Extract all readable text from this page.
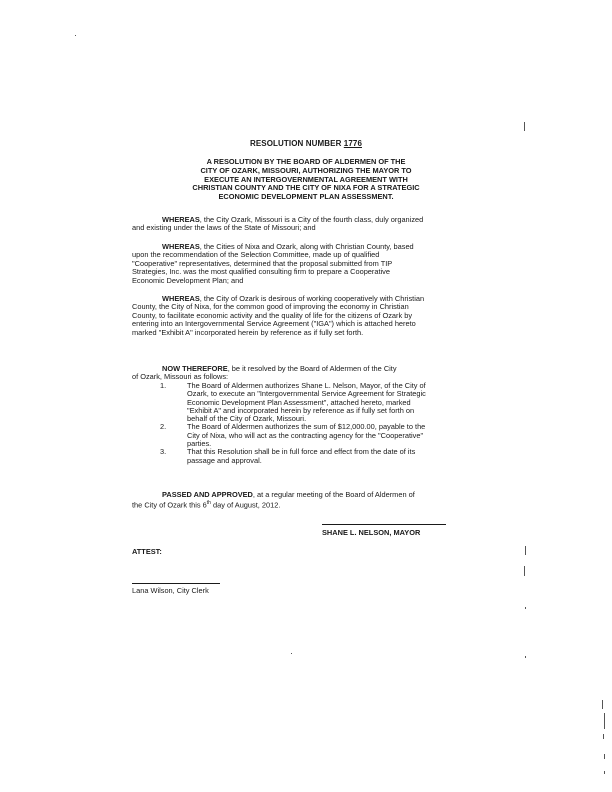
RESOLUTION NUMBER 1776

A RESOLUTION BY THE BOARD OF ALDERMEN OF THE
CITY OF OZARK, MISSOURI, AUTHORIZING THE MAYOR TO
EXECUTE AN INTERGOVERNMENTAL AGREEMENT WITH
CHRISTIAN COUNTY AND THE CITY OF NIXA FOR A STRATEGIC
ECONOMIC DEVELOPMENT PLAN ASSESSMENT.

WHEREAS, the City Ozark, Missouri is a City of the fourth class, duly organized
and existing under the laws of the State of Missouri; and

WHEREAS, the Cities of Nixa and Ozark, along with Christian County, based
upon the recommendation of the Selection Committee, made up of qualified
"Cooperative" representatives, determined that the proposal submitted from TIP
Strategies, Inc. was the most qualified consulting firm to prepare a Cooperative
Economic Development Plan; and

WHEREAS, the City of Ozark is desirous of working cooperatively with Christian
County, the City of Nixa, for the common good of improving the economy in Christian
County, to facilitate economic activity and the quality of life for the citizens of Ozark by
entering into an Intergovernmental Service Agreement ("IGA") which is attached hereto
marked "Exhibit A" incorporated herein by reference as if fully set forth.

NOW THEREFORE, be it resolved by the Board of Aldermen of the City
of Ozark, Missouri as follows:

1.	The Board of Aldermen authorizes Shane L. Nelson, Mayor, of the City of
Ozark, to execute an "Intergovernmental Service Agreement for Strategic
Economic Development Plan Assessment", attached hereto, marked
"Exhibit A" and incorporated herein by reference as if fully set forth on
behalf of the City of Ozark, Missouri.
2.	The Board of Aldermen authorizes the sum of $12,000.00, payable to the
City of Nixa, who will act as the contracting agency for the "Cooperative"
parties.
3.	That this Resolution shall be in full force and effect from the date of its
passage and approval.

PASSED AND APPROVED, at a regular meeting of the Board of Aldermen of
the City of Ozark this 6th day of August, 2012.

SHANE L. NELSON, MAYOR
ATTEST:
Lana Wilson, City Clerk
